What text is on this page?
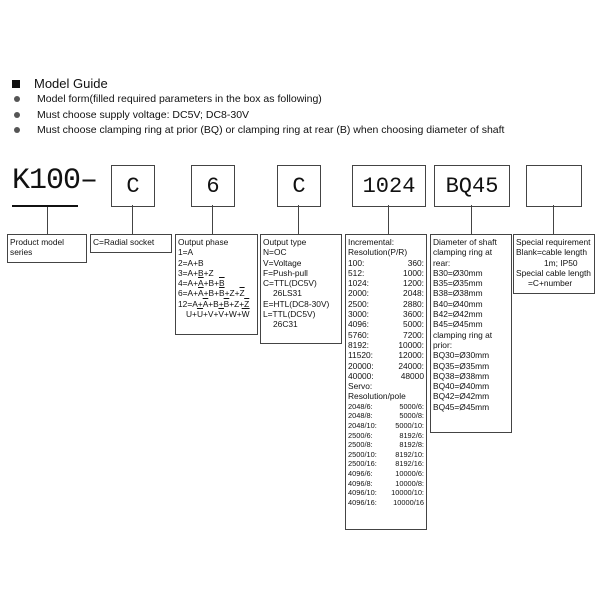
Model Guide
Model form(filled required parameters in the box as following)
Must choose supply voltage: DC5V; DC8-30V
Must choose clamping ring at prior (BQ) or clamping ring at rear (B) when choosing diameter of shaft
K100–	C	6	C	1024	BQ45
Product model
series
C=Radial socket	Output phase
1=A
2=A+B
3=A+B+Z
$4=A+\overline{A}+B+\overline{B}$
$6=A+\overline{A}+B+\overline{B}+Z+\overline{Z}$
$12=A+\overline{A}+B+\overline{B}+Z+\overline{Z}$
$U+\overline{U}+V+\overline{V}+W+\overline{W}$
Output type
N=OC
V=Voltage
F=Push-pull
C=TTL(DC5V)
26LS31
E=HTL(DC8-30V)
L=TTL(DC5V)
26C31
Incremental:
Resolution(P/R)
100:	360:
512:	1000:
1024:	1200:
2000:	2048:
2500:	2880:
3000:	3600:
4096:	5000:
5760:	7200:
8192:	10000:
11520:	12000:
20000:	24000:
40000:	48000
Servo:
Resolution/pole
2048/6:	5000/6:
2048/8:	5000/8:
2048/10: 5000/10:
2500/6:	8192/6:
2500/8:	8192/8:
2500/10: 8192/10:
2500/16: 8192/16:
4096/6:	10000/6:
4096/8:	10000/8:
4096/10: 10000/10:
4096/16: 10000/16
Diameter of shaft
clamping ring at
rear:
B30=Ø30mm
B35=Ø35mm
B38=Ø38mm
B40=Ø40mm
B42=Ø42mm
B45=Ø45mm
clamping ring at
prior:
BQ30=Ø30mm
BQ35=Ø35mm
BQ38=Ø38mm
BQ40=Ø40mm
BQ42=Ø42mm
BQ45=Ø45mm
Special requirement
Blank=cable length
1m; IP50
Special cable length
=C+number
